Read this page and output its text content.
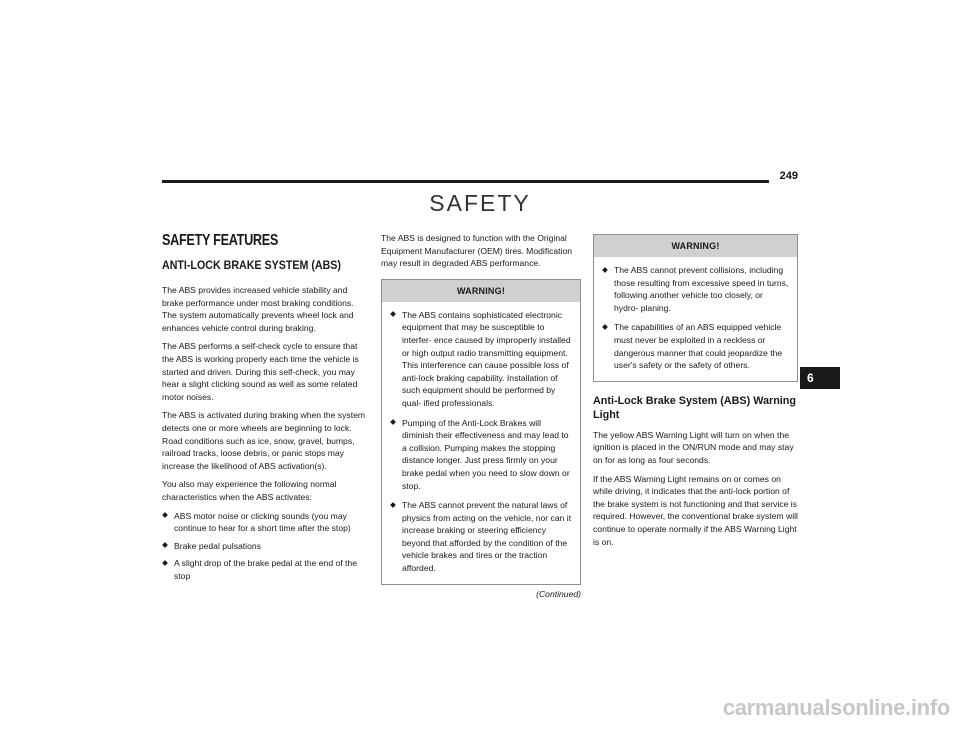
249
SAFETY
SAFETY FEATURES
ANTI-LOCK BRAKE SYSTEM (ABS)

The ABS provides increased vehicle stability and brake performance under most braking conditions. The system automatically prevents wheel lock and enhances vehicle control during braking.

The ABS performs a self-check cycle to ensure that the ABS is working properly each time the vehicle is started and driven. During this self-check, you may hear a slight clicking sound as well as some related motor noises.

The ABS is activated during braking when the system detects one or more wheels are beginning to lock. Road conditions such as ice, snow, gravel, bumps, railroad tracks, loose debris, or panic stops may increase the likelihood of ABS activation(s).

You also may experience the following normal characteristics when the ABS activates:

ABS motor noise or clicking sounds (you may continue to hear for a short time after the stop)
Brake pedal pulsations
A slight drop of the brake pedal at the end of the stop

The ABS is designed to function with the Original Equipment Manufacturer (OEM) tires. Modification may result in degraded ABS performance.

WARNING!
The ABS contains sophisticated electronic equipment that may be susceptible to interfer- ence caused by improperly installed or high output radio transmitting equipment. This interference can cause possible loss of anti-lock braking capability. Installation of such equipment should be performed by qual- ified professionals.
Pumping of the Anti-Lock Brakes will diminish their effectiveness and may lead to a collision. Pumping makes the stopping distance longer. Just press firmly on your brake pedal when you need to slow down or stop.
The ABS cannot prevent the natural laws of physics from acting on the vehicle, nor can it increase braking or steering efficiency beyond that afforded by the condition of the vehicle brakes and tires or the traction afforded.
(Continued)
WARNING!
The ABS cannot prevent collisions, including those resulting from excessive speed in turns, following another vehicle too closely, or hydro- planing.
The capabilities of an ABS equipped vehicle must never be exploited in a reckless or dangerous manner that could jeopardize the user's safety or the safety of others.
Anti-Lock Brake System (ABS) Warning Light

The yellow ABS Warning Light will turn on when the ignition is placed in the ON/RUN mode and may stay on for as long as four seconds.

If the ABS Warning Light remains on or comes on while driving, it indicates that the anti-lock portion of the brake system is not functioning and that service is required. However, the conventional brake system will continue to operate normally if the ABS Warning Light is on.

6
carmanualsonline.info
